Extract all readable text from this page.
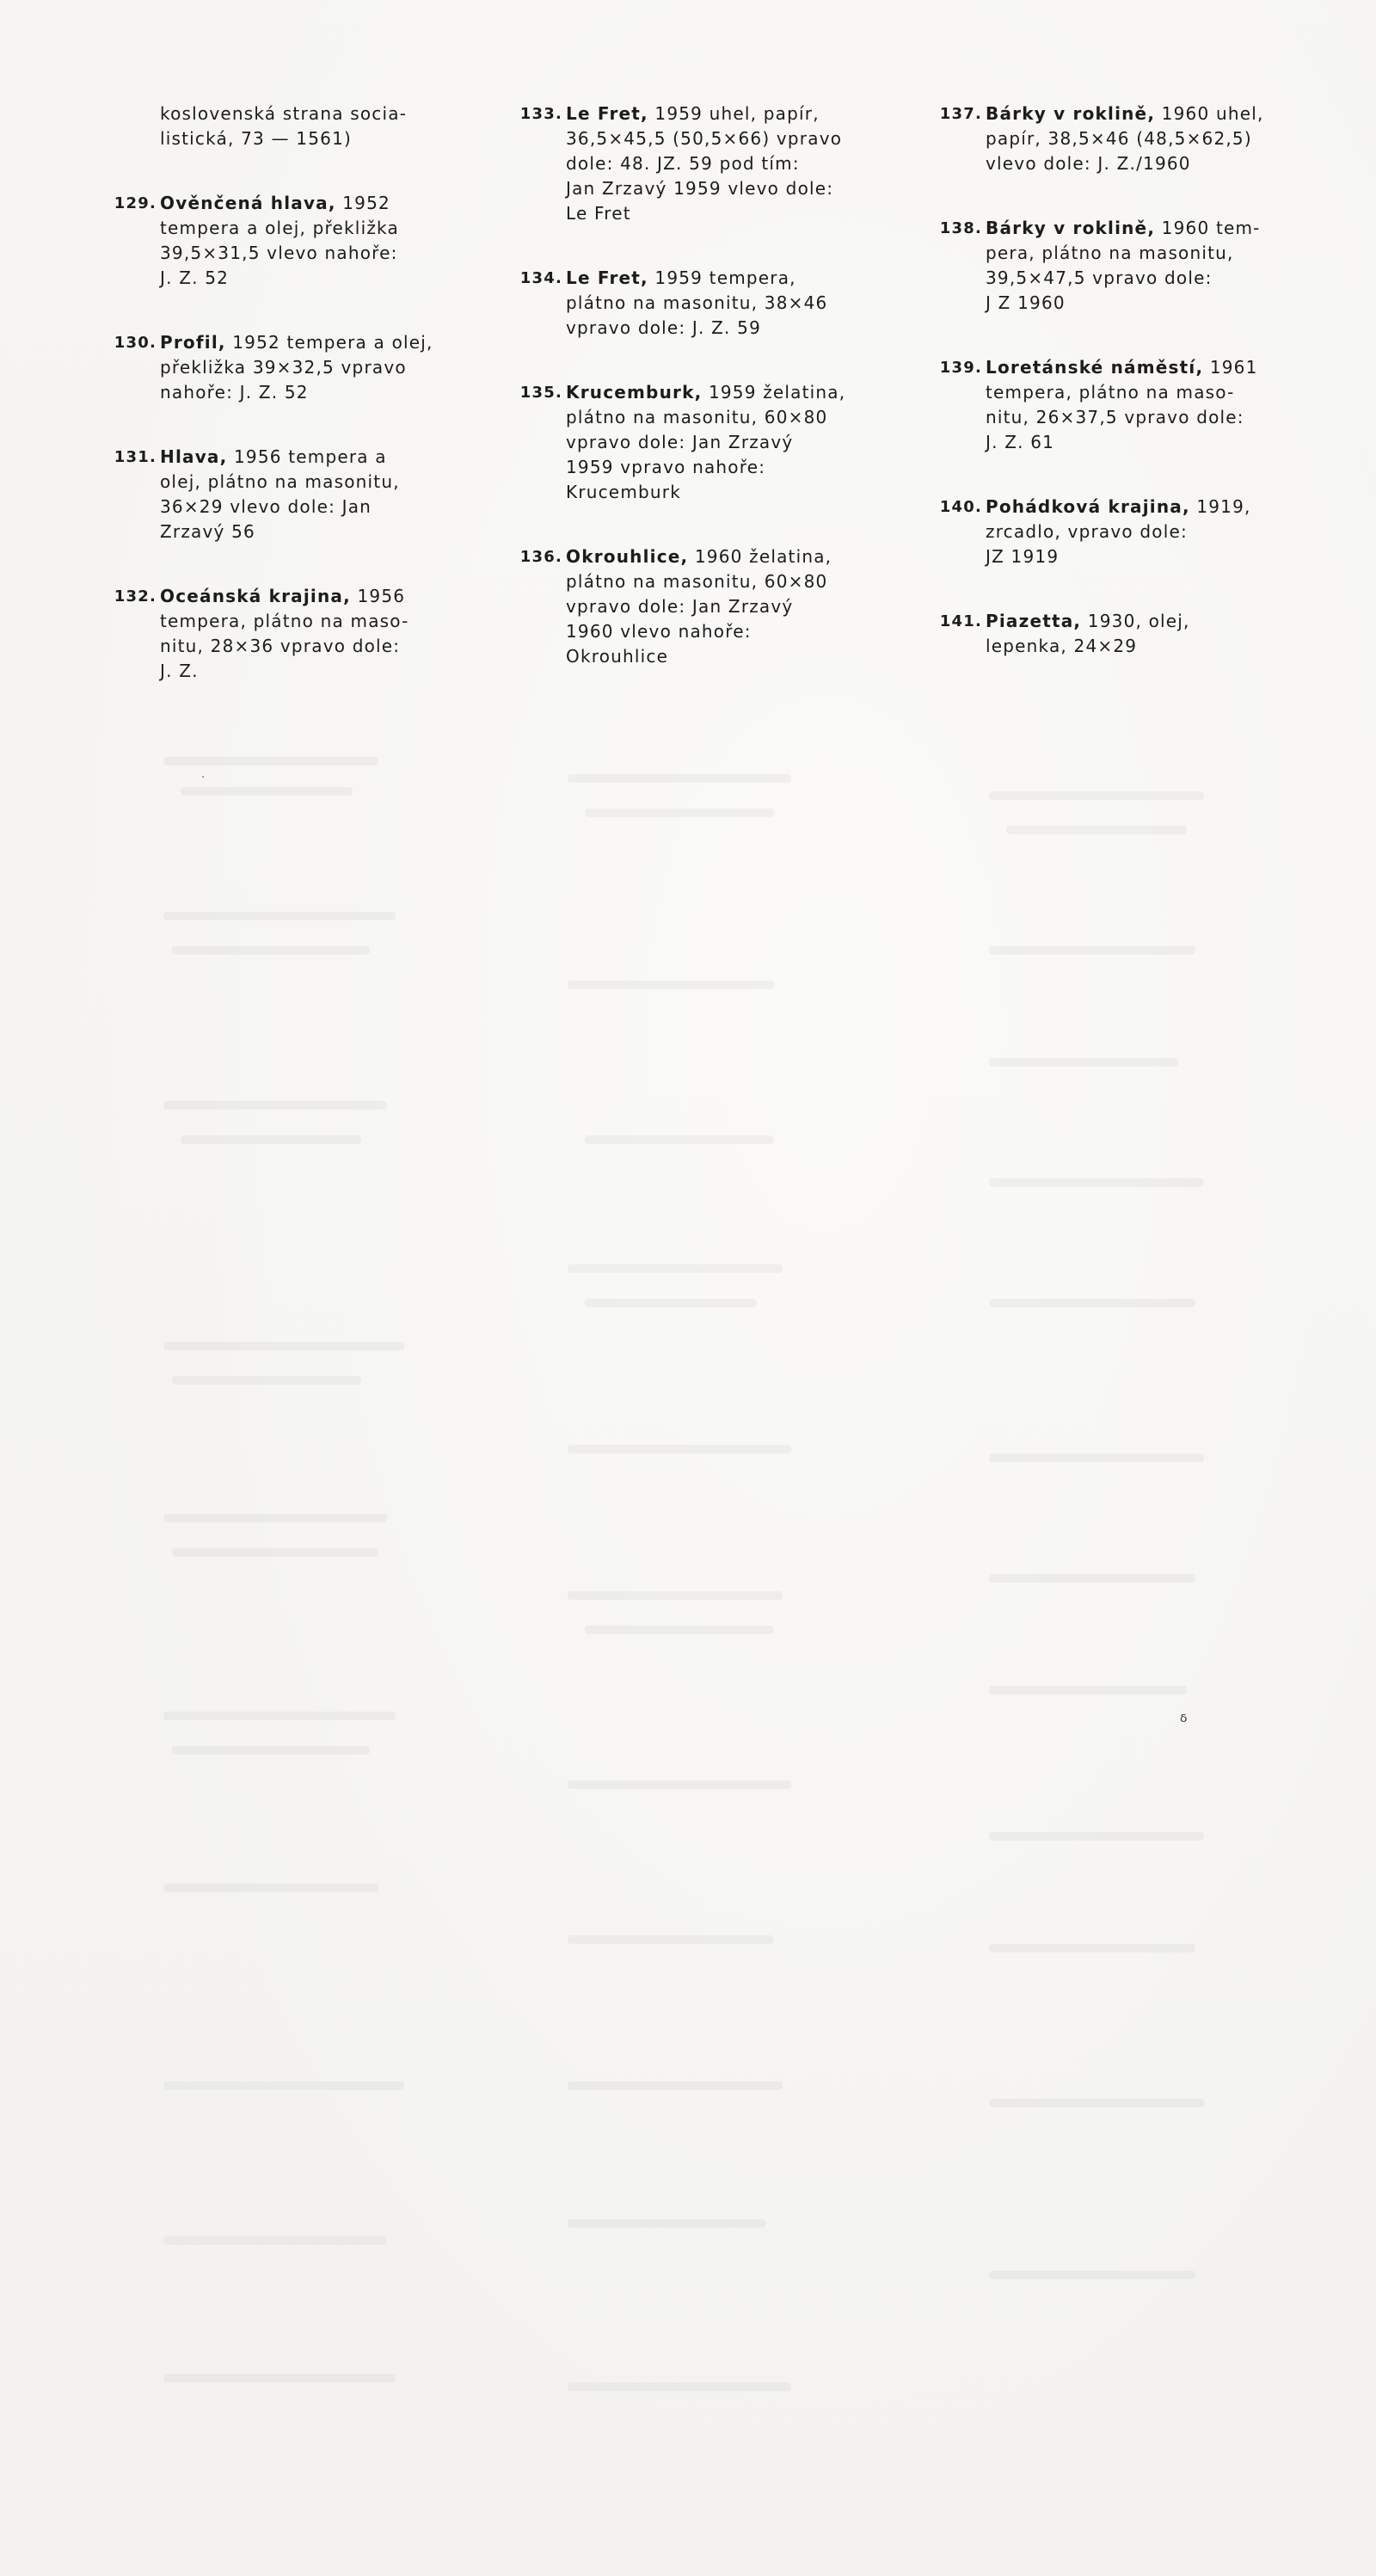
koslovenská strana socia-
listická, 73 — 1561)
129. Ověnčená hlava, 1952
tempera a olej, překližka
39,5×31,5 vlevo nahoře:
J. Z. 52
130. Profil, 1952 tempera a olej,
překližka 39×32,5 vpravo
nahoře: J. Z. 52
131. Hlava, 1956 tempera a
olej, plátno na masonitu,
36×29 vlevo dole: Jan
Zrzavý 56
132. Oceánská krajina, 1956
tempera, plátno na maso-
nitu, 28×36 vpravo dole:
J. Z.
133. Le Fret, 1959 uhel, papír,
36,5×45,5 (50,5×66) vpravo
dole: 48. JZ. 59 pod tím:
Jan Zrzavý 1959 vlevo dole:
Le Fret
134. Le Fret, 1959 tempera,
plátno na masonitu, 38×46
vpravo dole: J. Z. 59
135. Krucemburk, 1959 želatina,
plátno na masonitu, 60×80
vpravo dole: Jan Zrzavý
1959 vpravo nahoře:
Krucemburk
136. Okrouhlice, 1960 želatina,
plátno na masonitu, 60×80
vpravo dole: Jan Zrzavý
1960 vlevo nahoře:
Okrouhlice
137. Bárky v roklině, 1960 uhel,
papír, 38,5×46 (48,5×62,5)
vlevo dole: J. Z./1960
138. Bárky v roklině, 1960 tem-
pera, plátno na masonitu,
39,5×47,5 vpravo dole:
J Z 1960
139. Loretánské náměstí, 1961
tempera, plátno na maso-
nitu, 26×37,5 vpravo dole:
J. Z. 61
140. Pohádková krajina, 1919,
zrcadlo, vpravo dole:
JZ 1919
141. Piazetta, 1930, olej,
lepenka, 24×29
ᵟ
·
